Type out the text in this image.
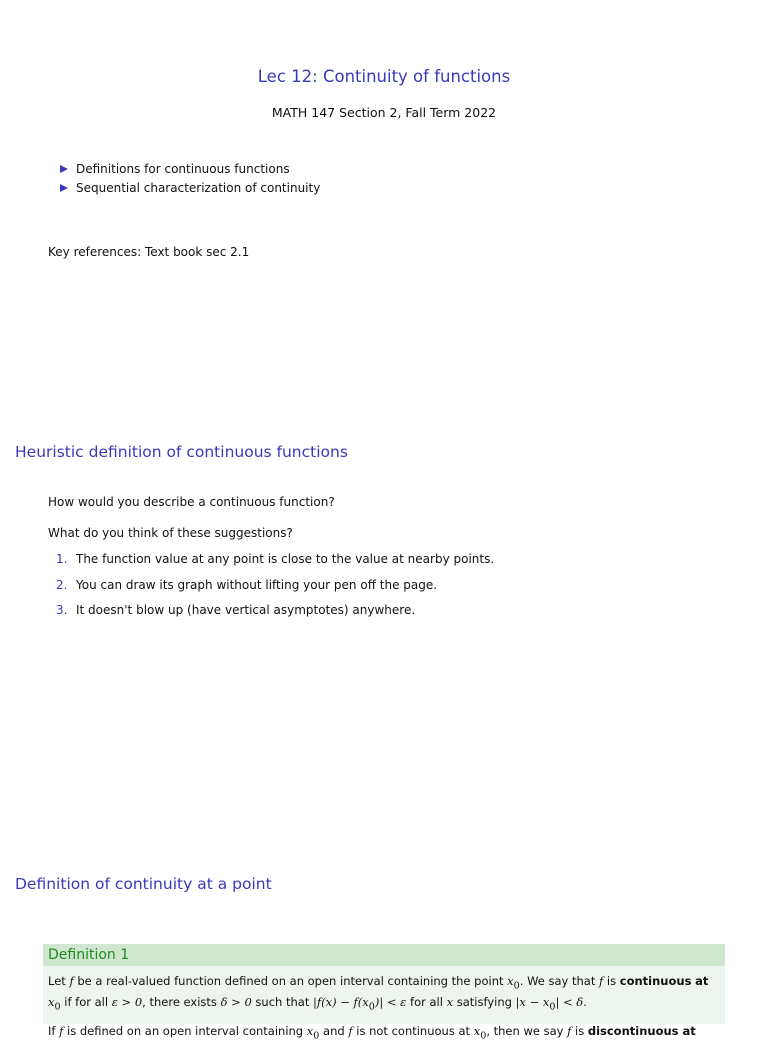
Lec 12: Continuity of functions
MATH 147 Section 2, Fall Term 2022
Definitions for continuous functions
Sequential characterization of continuity
Key references: Text book sec 2.1
Heuristic definition of continuous functions
How would you describe a continuous function?
What do you think of these suggestions?
1. The function value at any point is close to the value at nearby points.
2. You can draw its graph without lifting your pen off the page.
3. It doesn't blow up (have vertical asymptotes) anywhere.
Definition of continuity at a point
Definition 1

Let f be a real-valued function defined on an open interval containing the point $x_0$. We say that f is continuous at $x_0$ if for all ε > 0, there exists δ > 0 such that $|f(x) - f(x_0)| < \varepsilon$ for all x satisfying $|x - x_0| < \delta$.

If f is defined on an open interval containing $x_0$ and f is not continuous at $x_0$, then we say f is discontinuous at
